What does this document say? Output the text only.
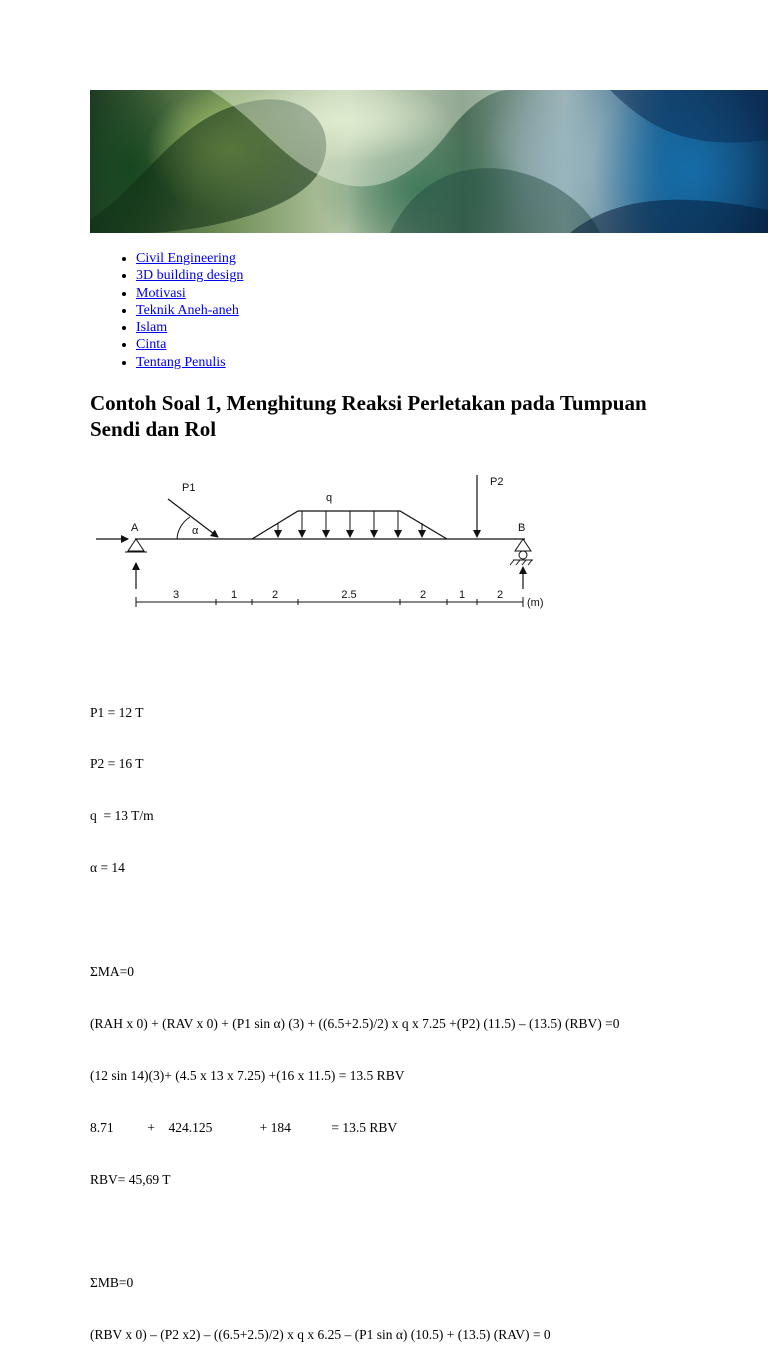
• Civil Engineering
• 3D building design
• Motivasi
• Teknik Aneh-aneh
• Islam
• Cinta
• Tentang Penulis
Contoh Soal 1, Menghitung Reaksi Perletakan pada Tumpuan Sendi dan Rol
P1
α
q
P2
A	B
3	1	2	2.5	2	1	2
(m)

P1 = 12 T

P2 = 16 T

q  = 13 T/m

α = 14

ΣMA=0

(RAH x 0) + (RAV x 0) + (P1 sin α) (3) + ((6.5+2.5)/2) x q x 7.25 +(P2) (11.5) – (13.5) (RBV) =0

(12 sin 14)(3)+ (4.5 x 13 x 7.25) +(16 x 11.5) = 13.5 RBV

8.71          +    424.125              + 184            = 13.5 RBV

RBV= 45,69 T

ΣMB=0

(RBV x 0) – (P2 x2) – ((6.5+2.5)/2) x q x 6.25 – (P1 sin α) (10.5) + (13.5) (RAV) = 0
